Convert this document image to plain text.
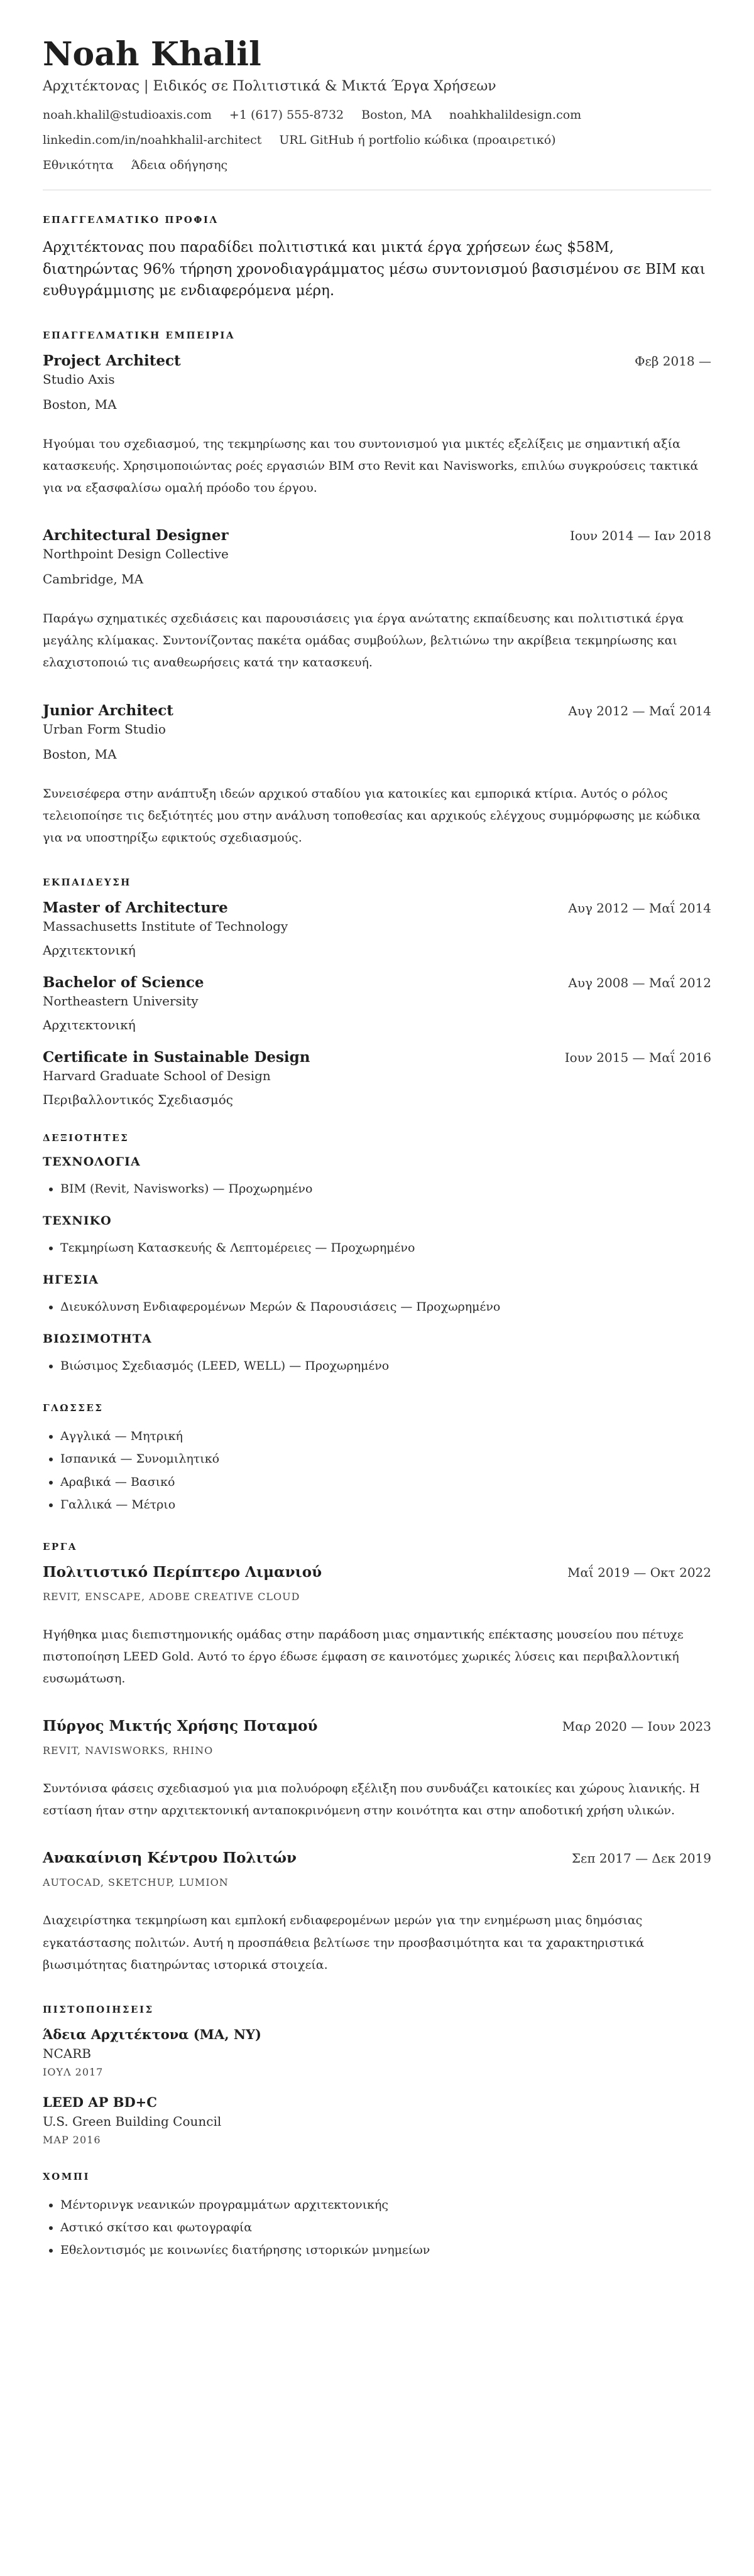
Noah Khalil
Αρχιτέκτονας | Ειδικός σε Πολιτιστικά & Μικτά Έργα Χρήσεων
noah.khalil@studioaxis.com +1 (617) 555-8732 Boston, MA noahkhalildesign.com
linkedin.com/in/noahkhalil-architect URL GitHub ή portfolio κώδικα (προαιρετικό)
Εθνικότητα Άδεια οδήγησης
ΕΠΑΓΓΕΛΜΑΤΙΚΟ ΠΡΟΦΙΛ
Αρχιτέκτονας που παραδίδει πολιτιστικά και μικτά έργα χρήσεων έως $58M, διατηρώντας 96% τήρηση χρονοδιαγράμματος μέσω συντονισμού βασισμένου σε BIM και ευθυγράμμισης με ενδιαφερόμενα μέρη.
ΕΠΑΓΓΕΛΜΑΤΙΚΗ ΕΜΠΕΙΡΙΑ
Project Architect	Φεβ 2018 —
Studio Axis
Boston, MA
Ηγούμαι του σχεδιασμού, της τεκμηρίωσης και του συντονισμού για μικτές εξελίξεις με σημαντική αξία κατασκευής. Χρησιμοποιώντας ροές εργασιών BIM στο Revit και Navisworks, επιλύω συγκρούσεις τακτικά για να εξασφαλίσω ομαλή πρόοδο του έργου.
Architectural Designer	Ιουν 2014 — Ιαν 2018
Northpoint Design Collective
Cambridge, MA
Παράγω σχηματικές σχεδιάσεις και παρουσιάσεις για έργα ανώτατης εκπαίδευσης και πολιτιστικά έργα μεγάλης κλίμακας. Συντονίζοντας πακέτα ομάδας συμβούλων, βελτιώνω την ακρίβεια τεκμηρίωσης και ελαχιστοποιώ τις αναθεωρήσεις κατά την κατασκευή.
Junior Architect	Αυγ 2012 — Μαΐ 2014
Urban Form Studio
Boston, MA
Συνεισέφερα στην ανάπτυξη ιδεών αρχικού σταδίου για κατοικίες και εμπορικά κτίρια. Αυτός ο ρόλος τελειοποίησε τις δεξιότητές μου στην ανάλυση τοποθεσίας και αρχικούς ελέγχους συμμόρφωσης με κώδικα για να υποστηρίξω εφικτούς σχεδιασμούς.
ΕΚΠΑΙΔΕΥΣΗ
Master of Architecture	Αυγ 2012 — Μαΐ 2014
Massachusetts Institute of Technology
Αρχιτεκτονική
Bachelor of Science	Αυγ 2008 — Μαΐ 2012
Northeastern University
Αρχιτεκτονική
Certificate in Sustainable Design	Ιουν 2015 — Μαΐ 2016
Harvard Graduate School of Design
Περιβαλλοντικός Σχεδιασμός
ΔΕΞΙΟΤΗΤΕΣ
ΤΕΧΝΟΛΟΓΙΑ
• BIM (Revit, Navisworks) — Προχωρημένο
ΤΕΧΝΙΚΟ
• Τεκμηρίωση Κατασκευής & Λεπτομέρειες — Προχωρημένο
ΗΓΕΣΙΑ
• Διευκόλυνση Ενδιαφερομένων Μερών & Παρουσιάσεις — Προχωρημένο
ΒΙΩΣΙΜΟΤΗΤΑ
• Βιώσιμος Σχεδιασμός (LEED, WELL) — Προχωρημένο
ΓΛΩΣΣΕΣ
• Αγγλικά — Μητρική
• Ισπανικά — Συνομιλητικό
• Αραβικά — Βασικό
• Γαλλικά — Μέτριο
ΕΡΓΑ
Πολιτιστικό Περίπτερο Λιμανιού	Μαΐ 2019 — Οκτ 2022
REVIT, ENSCAPE, ADOBE CREATIVE CLOUD
Ηγήθηκα μιας διεπιστημονικής ομάδας στην παράδοση μιας σημαντικής επέκτασης μουσείου που πέτυχε πιστοποίηση LEED Gold. Αυτό το έργο έδωσε έμφαση σε καινοτόμες χωρικές λύσεις και περιβαλλοντική ευσωμάτωση.
Πύργος Μικτής Χρήσης Ποταμού	Μαρ 2020 — Ιουν 2023
REVIT, NAVISWORKS, RHINO
Συντόνισα φάσεις σχεδιασμού για μια πολυόροφη εξέλιξη που συνδυάζει κατοικίες και χώρους λιανικής. Η εστίαση ήταν στην αρχιτεκτονική ανταποκρινόμενη στην κοινότητα και στην αποδοτική χρήση υλικών.
Ανακαίνιση Κέντρου Πολιτών	Σεπ 2017 — Δεκ 2019
AUTOCAD, SKETCHUP, LUMION
Διαχειρίστηκα τεκμηρίωση και εμπλοκή ενδιαφερομένων μερών για την ενημέρωση μιας δημόσιας εγκατάστασης πολιτών. Αυτή η προσπάθεια βελτίωσε την προσβασιμότητα και τα χαρακτηριστικά βιωσιμότητας διατηρώντας ιστορικά στοιχεία.
ΠΙΣΤΟΠΟΙΗΣΕΙΣ
Άδεια Αρχιτέκτονα (MA, NY)
NCARB
ΙΟΥΛ 2017
LEED AP BD+C
U.S. Green Building Council
ΜΑΡ 2016
ΧΟΜΠΙ
• Μέντορινγκ νεανικών προγραμμάτων αρχιτεκτονικής
• Αστικό σκίτσο και φωτογραφία
• Εθελοντισμός με κοινωνίες διατήρησης ιστορικών μνημείων
